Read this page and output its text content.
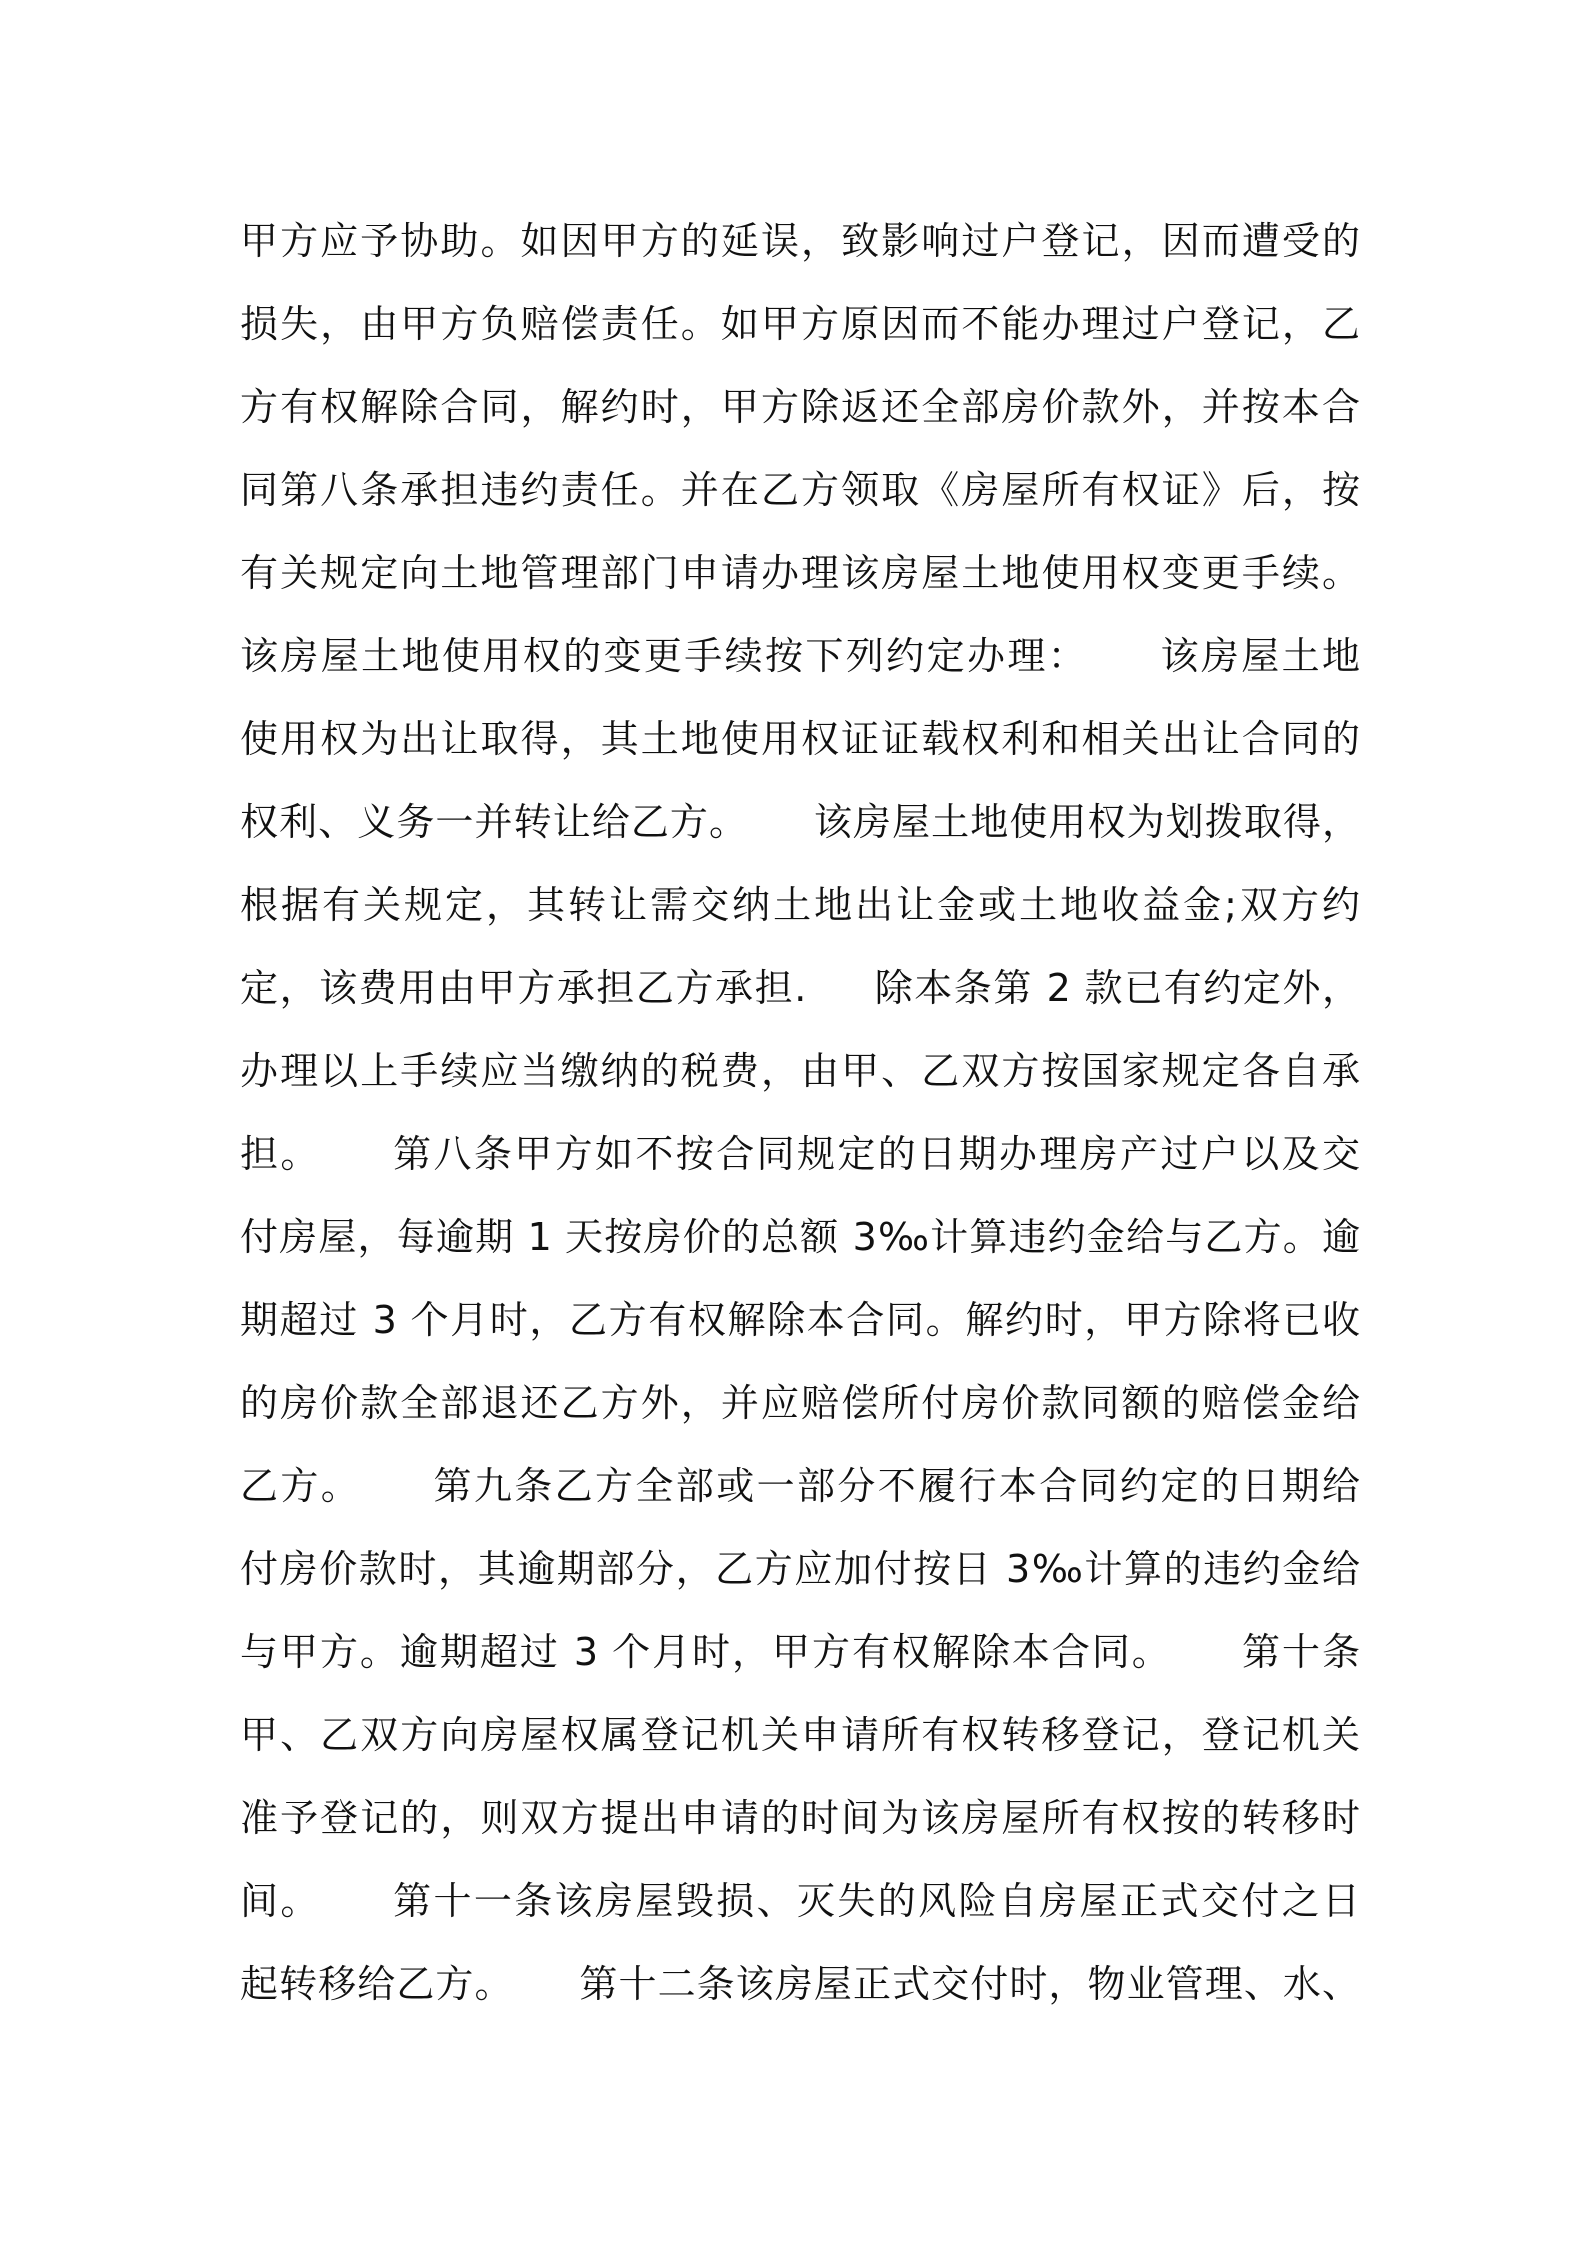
甲方应予协助。如因甲方的延误，致影响过户登记，因而遭受的
损失，由甲方负赔偿责任。如甲方原因而不能办理过户登记，乙
方有权解除合同，解约时，甲方除返还全部房价款外，并按本合
同第八条承担违约责任。并在乙方领取《房屋所有权证》后，按
有关规定向土地管理部门申请办理该房屋土地使用权变更手续。
该房屋土地使用权的变更手续按下列约定办理：     该房屋土地
使用权为出让取得，其土地使用权证证载权利和相关出让合同的
权利、义务一并转让给乙方。     该房屋土地使用权为划拨取得，
根据有关规定，其转让需交纳土地出让金或土地收益金;双方约
定，该费用由甲方承担乙方承担.     除本条第 2 款已有约定外，
办理以上手续应当缴纳的税费，由甲、乙双方按国家规定各自承
担。     第八条甲方如不按合同规定的日期办理房产过户以及交
付房屋，每逾期 1 天按房价的总额 3‰计算违约金给与乙方。逾
期超过 3 个月时，乙方有权解除本合同。解约时，甲方除将已收
的房价款全部退还乙方外，并应赔偿所付房价款同额的赔偿金给
乙方。     第九条乙方全部或一部分不履行本合同约定的日期给
付房价款时，其逾期部分，乙方应加付按日 3‰计算的违约金给
与甲方。逾期超过 3 个月时，甲方有权解除本合同。     第十条
甲、乙双方向房屋权属登记机关申请所有权转移登记，登记机关
准予登记的，则双方提出申请的时间为该房屋所有权按的转移时
间。     第十一条该房屋毁损、灭失的风险自房屋正式交付之日
起转移给乙方。     第十二条该房屋正式交付时，物业管理、水、
